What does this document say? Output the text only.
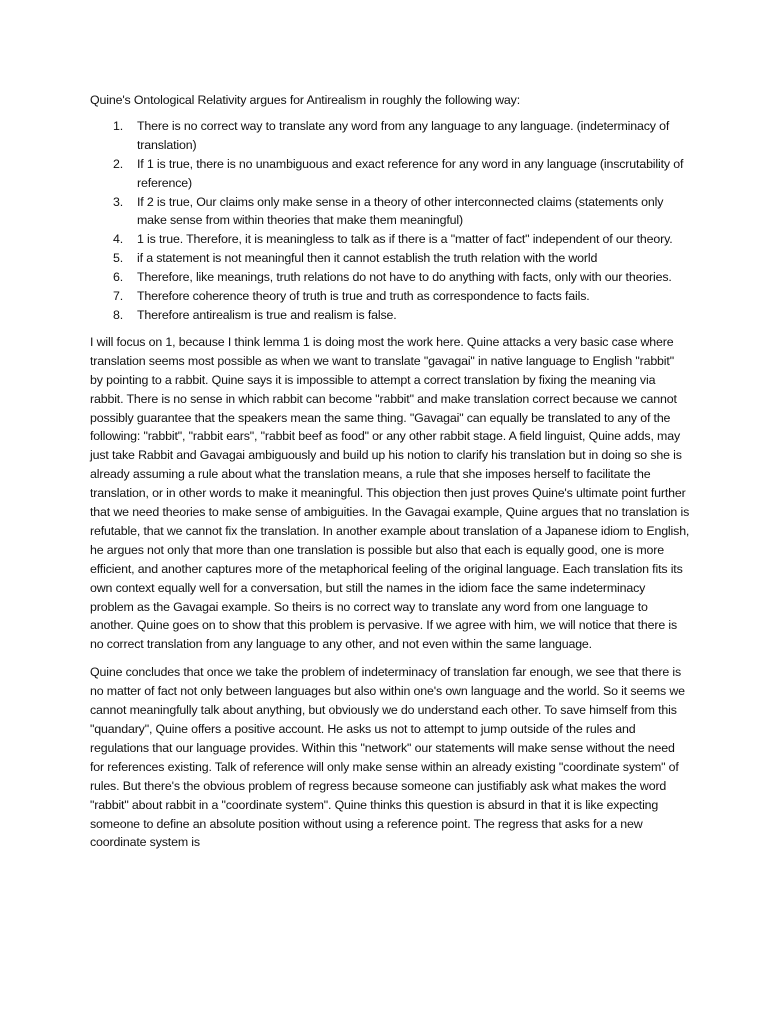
Quine's Ontological Relativity argues for Antirealism in roughly the following way:

1. There is no correct way to translate any word from any language to any language. (indeterminacy of translation)
2. If 1 is true, there is no unambiguous and exact reference for any word in any language (inscrutability of reference)
3. If 2 is true, Our claims only make sense in a theory of other interconnected claims (statements only make sense from within theories that make them meaningful)
4. 1 is true. Therefore, it is meaningless to talk as if there is a "matter of fact" independent of our theory.
5. if a statement is not meaningful then it cannot establish the truth relation with the world
6. Therefore, like meanings, truth relations do not have to do anything with facts, only with our theories.
7. Therefore coherence theory of truth is true and truth as correspondence to facts fails.
8. Therefore antirealism is true and realism is false.

I will focus on 1, because I think lemma 1 is doing most the work here. Quine attacks a very basic case where translation seems most possible as when we want to translate "gavagai" in native language to English "rabbit" by pointing to a rabbit. Quine says it is impossible to attempt a correct translation by fixing the meaning via rabbit. There is no sense in which rabbit can become "rabbit" and make translation correct because we cannot possibly guarantee that the speakers mean the same thing. "Gavagai" can equally be translated to any of the following: "rabbit", "rabbit ears", "rabbit beef as food" or any other rabbit stage. A field linguist, Quine adds, may just take Rabbit and Gavagai ambiguously and build up his notion to clarify his translation but in doing so she is already assuming a rule about what the translation means, a rule that she imposes herself to facilitate the translation, or in other words to make it meaningful. This objection then just proves Quine's ultimate point further that we need theories to make sense of ambiguities. In the Gavagai example, Quine argues that no translation is refutable, that we cannot fix the translation. In another example about translation of a Japanese idiom to English, he argues not only that more than one translation is possible but also that each is equally good, one is more efficient, and another captures more of the metaphorical feeling of the original language. Each translation fits its own context equally well for a conversation, but still the names in the idiom face the same indeterminacy problem as the Gavagai example. So theirs is no correct way to translate any word from one language to another. Quine goes on to show that this problem is pervasive. If we agree with him, we will notice that there is no correct translation from any language to any other, and not even within the same language.

Quine concludes that once we take the problem of indeterminacy of translation far enough, we see that there is no matter of fact not only between languages but also within one's own language and the world. So it seems we cannot meaningfully talk about anything, but obviously we do understand each other. To save himself from this "quandary", Quine offers a positive account. He asks us not to attempt to jump outside of the rules and regulations that our language provides. Within this "network" our statements will make sense without the need for references existing. Talk of reference will only make sense within an already existing "coordinate system" of rules. But there's the obvious problem of regress because someone can justifiably ask what makes the word "rabbit" about rabbit in a "coordinate system". Quine thinks this question is absurd in that it is like expecting someone to define an absolute position without using a reference point. The regress that asks for a new coordinate system is
